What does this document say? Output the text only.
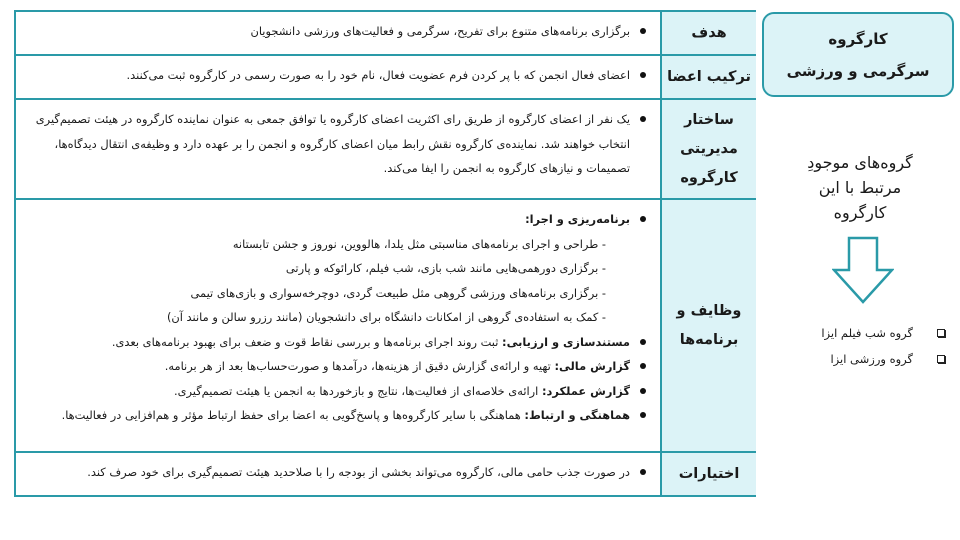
کارگروه
سرگرمی و ورزشی
گروه‌های موجودِ مرتبط با این کارگروه
گروه شب فیلم ایزا
گروه ورزشی ایزا
هدف
برگزاری برنامه‌های متنوع برای تفریح، سرگرمی و فعالیت‌های ورزشی دانشجویان
ترکیب اعضا
اعضای فعال انجمن که با پر کردن فرم عضویت فعال، نام خود را به صورت رسمی در کارگروه ثبت می‌کنند.
ساختار مدیریتی کارگروه
یک نفر از اعضای کارگروه از طریق رای اکثریت اعضای کارگروه یا توافق جمعی به عنوان نماینده کارگروه در هیئت تصمیم‌گیری انتخاب خواهند شد. نماینده‌ی کارگروه نقش رابط میان اعضای کارگروه و انجمن را بر عهده دارد و وظیفه‌ی انتقال دیدگاه‌ها، تصمیمات و نیازهای کارگروه به انجمن را ایفا می‌کند.
وظایف و برنامه‌ها
برنامه‌ریزی و اجرا:
- طراحی و اجرای برنامه‌های مناسبتی مثل یلدا، هالووین، نوروز و جشن تابستانه
- برگزاری دورهمی‌هایی مانند شب بازی، شب فیلم، کارائوکه و پارتی
- برگزاری برنامه‌های ورزشی گروهی مثل طبیعت گردی، دوچرخه‌سواری و بازی‌های تیمی
- کمک به استفاده‌ی گروهی از امکانات دانشگاه برای دانشجویان (مانند رزرو سالن و مانند آن)
مستندسازی و ارزیابی: ثبت روند اجرای برنامه‌ها و بررسی نقاط قوت و ضعف برای بهبود برنامه‌های بعدی.
گزارش مالی: تهیه و ارائه‌ی گزارش دقیق از هزینه‌ها، درآمدها و صورت‌حساب‌ها بعد از هر برنامه.
گزارش عملکرد: ارائه‌ی خلاصه‌ای از فعالیت‌ها، نتایج و بازخوردها به انجمن یا هیئت تصمیم‌گیری.
هماهنگی و ارتباط: هماهنگی با سایر کارگروه‌ها و پاسخ‌گویی به اعضا برای حفظ ارتباط مؤثر و هم‌افزایی در فعالیت‌ها.
اختیارات
در صورت جذب حامی مالی، کارگروه می‌تواند بخشی از بودجه را با صلاحدید هیئت تصمیم‌گیری برای خود صرف کند.
